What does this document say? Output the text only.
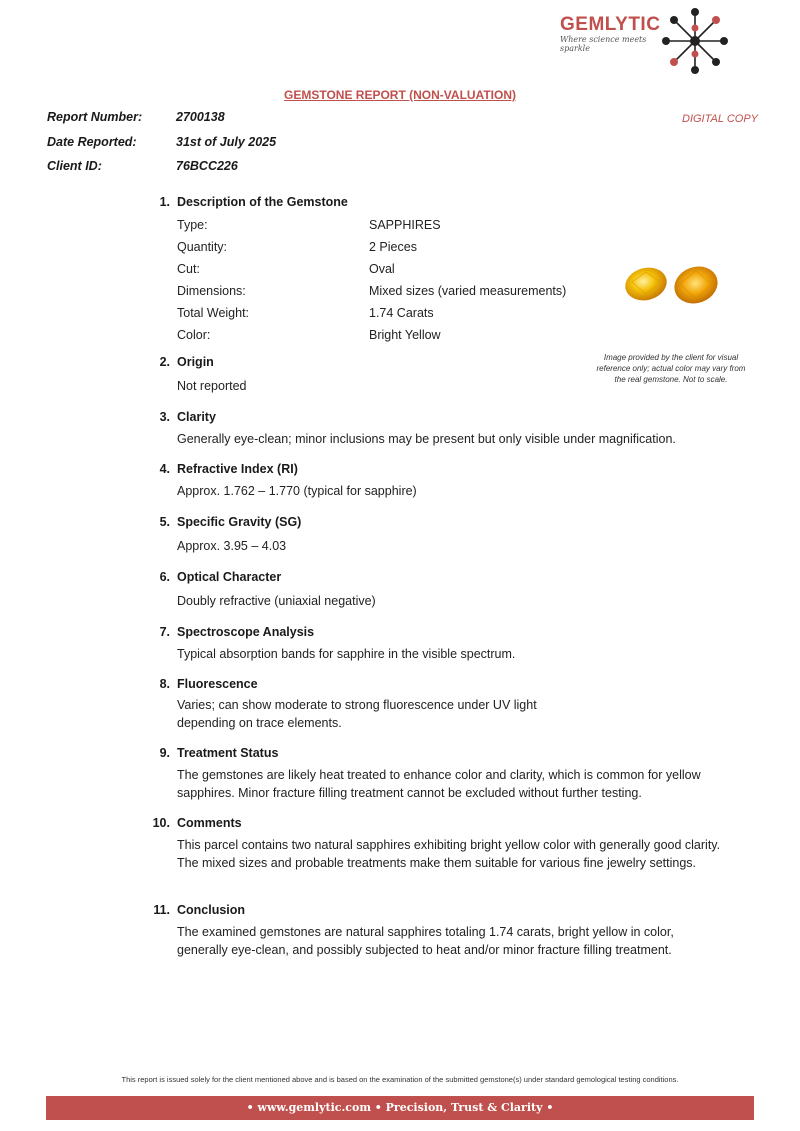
GEMLYTIC
Where science meets sparkle
GEMSTONE REPORT (NON-VALUATION)
DIGITAL COPY
Report Number:	2700138
Date Reported:	31st of July 2025
Client ID:	76BCC226
1. Description of the Gemstone
Type:	SAPPHIRES
Quantity:	2 Pieces
Cut:	Oval
Dimensions:	Mixed sizes (varied measurements)
Total Weight:	1.74 Carats
Color:	Bright Yellow
Image provided by the client for visual reference only; actual color may vary from the real gemstone. Not to scale.
2. Origin
Not reported
3. Clarity
Generally eye-clean; minor inclusions may be present but only visible under magnification.
4. Refractive Index (RI)
Approx. 1.762 – 1.770 (typical for sapphire)
5. Specific Gravity (SG)
Approx. 3.95 – 4.03
6. Optical Character
Doubly refractive (uniaxial negative)
7. Spectroscope Analysis
Typical absorption bands for sapphire in the visible spectrum.
8. Fluorescence
Varies; can show moderate to strong fluorescence under UV light depending on trace elements.
9. Treatment Status
The gemstones are likely heat treated to enhance color and clarity, which is common for yellow sapphires. Minor fracture filling treatment cannot be excluded without further testing.
10. Comments
This parcel contains two natural sapphires exhibiting bright yellow color with generally good clarity. The mixed sizes and probable treatments make them suitable for various fine jewelry settings.
11. Conclusion
The examined gemstones are natural sapphires totaling 1.74 carats, bright yellow in color, generally eye-clean, and possibly subjected to heat and/or minor fracture filling treatment.
This report is issued solely for the client mentioned above and is based on the examination of the submitted gemstone(s) under standard gemological testing conditions.
• www.gemlytic.com • Precision, Trust & Clarity •
